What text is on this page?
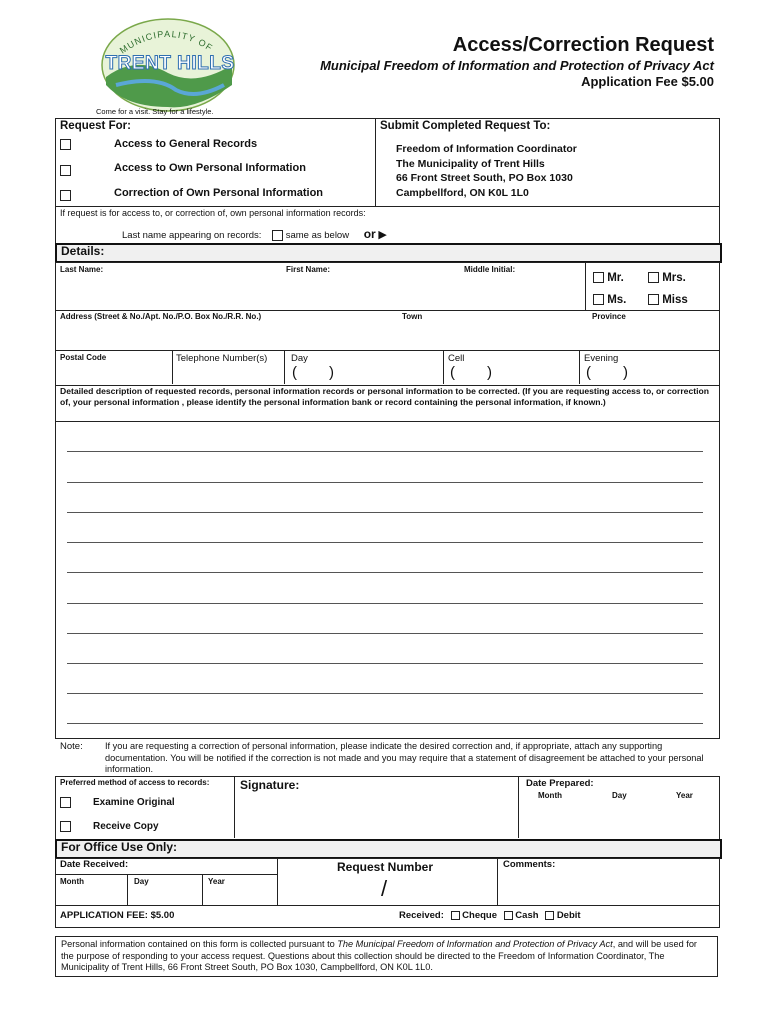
MUNICIPALITY OF
TRENT HILLS
Come for a visit. Stay for a lifestyle.
Access/Correction Request
Municipal Freedom of Information and Protection of Privacy Act
Application Fee $5.00
Request For:
Access to General Records
Access to Own Personal Information
Correction of Own Personal Information
Submit Completed Request To:
Freedom of Information Coordinator
The Municipality of Trent Hills
66 Front Street South, PO Box 1030
Campbellford, ON K0L 1L0
If request is for access to, or correction of, own personal information records:
Last name appearing on records:	same as below or ▶
Details:
Last Name:	First Name:	Middle Initial:
Mr.	Mrs.
Ms.	Miss
Address (Street & No./Apt. No./P.O. Box No./R.R. No.)	Town	Province
Postal Code	Telephone Number(s) Day	Cell	Evening
( )	( )	( )
Detailed description of requested records, personal information records or personal information to be corrected. (If you are requesting access to, or correction of, your personal information , please identify the personal information bank or record containing the personal information, if known.)
Note: If you are requesting a correction of personal information, please indicate the desired correction and, if appropriate, attach any supporting documentation. You will be notified if the correction is not made and you may require that a statement of disagreement be attached to your personal information.
Preferred method of access to records:
Examine Original
Receive Copy
Signature:	Date Prepared:
Month	Day	Year
For Office Use Only:
Date Received:	Request Number	Comments:
Month	Day	Year	/
APPLICATION FEE: $5.00	Received: Cheque Cash Debit
Personal information contained on this form is collected pursuant to The Municipal Freedom of Information and Protection of Privacy Act, and will be used for the purpose of responding to your access request. Questions about this collection should be directed to the Freedom of Information Coordinator, The Municipality of Trent Hills, 66 Front Street South, PO Box 1030, Campbellford, ON K0L 1L0.
